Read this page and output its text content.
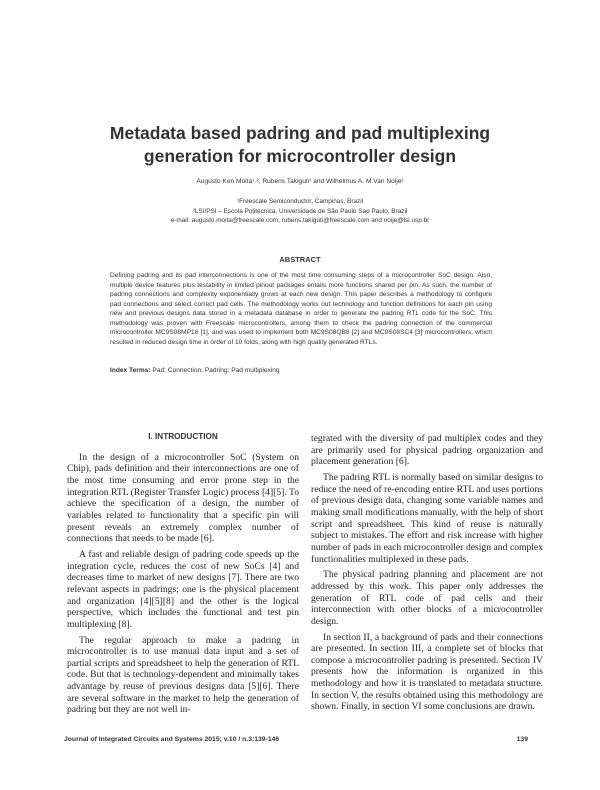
Metadata based padring and pad multiplexing
generation for microcontroller design
Augusto Ken Moita¹˒², Rubens Takiguti¹ and Wilhelmus A. M.Van Noije²
¹Freescale Semiconductor, Campinas, Brazil
²LSI/PSI – Escola Politécnica, Universidade de São Paulo Sao Paulo, Brazil
e-mail: augusto.moita@freescale.com, rubens.takiguti@freescale.com and noije@lsi.usp.br
ABSTRACT
Defining padring and its pad interconnections is one of the most time consuming steps of a microcontroller SoC design. Also, multiple device features plus testability in limited pinout packages entails more functions shared per pin. As such, the number of padring connections and complexity exponentially grows at each new design. This paper describes a methodology to configure pad connections and select correct pad cells. The methodology works out technology and function definitions for each pin using new and previous designs data stored in a metadata database in order to generate the padring RTL code for the SoC. This methodology was proven with Freescale microcontrollers, among them to check the padring connection of the commercial microcontroller MC9S08MP16 [1], and was used to implement both MC9S08QB8 [2] and MC9S08SC4 [3] microcontrollers, which resulted in reduced design time in order of 10 folds, along with high quality generated RTLs.
Index Terms: Pad; Connection; Padring; Pad multiplexing
I. INTRODUCTION

In the design of a microcontroller SoC (System on Chip), pads definition and their interconnections are one of the most time consuming and error prone step in the integration RTL (Register Transfer Logic) process [4][5]. To achieve the specification of a design, the number of variables related to functionality that a specific pin will present reveals an extremely complex number of connections that needs to be made [6].

A fast and reliable design of padring code speeds up the integration cycle, reduces the cost of new SoCs [4] and decreases time to market of new designs [7]. There are two relevant aspects in padrings; one is the physical placement and organization [4][5][8] and the other is the logical perspective, which includes the functional and test pin multiplexing [8].

The regular approach to make a padring in microcontroller is to use manual data input and a set of partial scripts and spreadsheet to help the generation of RTL code. But that is technology-dependent and minimally takes advantage by reuse of previous designs data [5][6]. There are several software in the market to help the generation of padring but they are not well in-

tegrated with the diversity of pad multiplex codes and they are primarily used for physical padring organization and placement generation [6].

The padring RTL is normally based on similar designs to reduce the need of re-encoding entire RTL and uses portions of previous design data, changing some variable names and making small modifications manually, with the help of short script and spreadsheet. This kind of reuse is naturally subject to mistakes. The effort and risk increase with higher number of pads in each microcontroller design and complex functionalities multiplexed in these pads.

The physical padring planning and placement are not addressed by this work. This paper only addresses the generation of RTL code of pad cells and their interconnection with other blocks of a microcontroller design.

In section II, a background of pads and their connections are presented. In section III, a complete set of blocks that compose a microcontroller padring is presented. Section IV presents how the information is organized in this methodology and how it is translated to metadata structure. In section V, the results obtained using this methodology are shown. Finally, in section VI some conclusions are drawn.

Journal of Integrated Circuits and Systems 2015; v.10 / n.3:139-146	139
